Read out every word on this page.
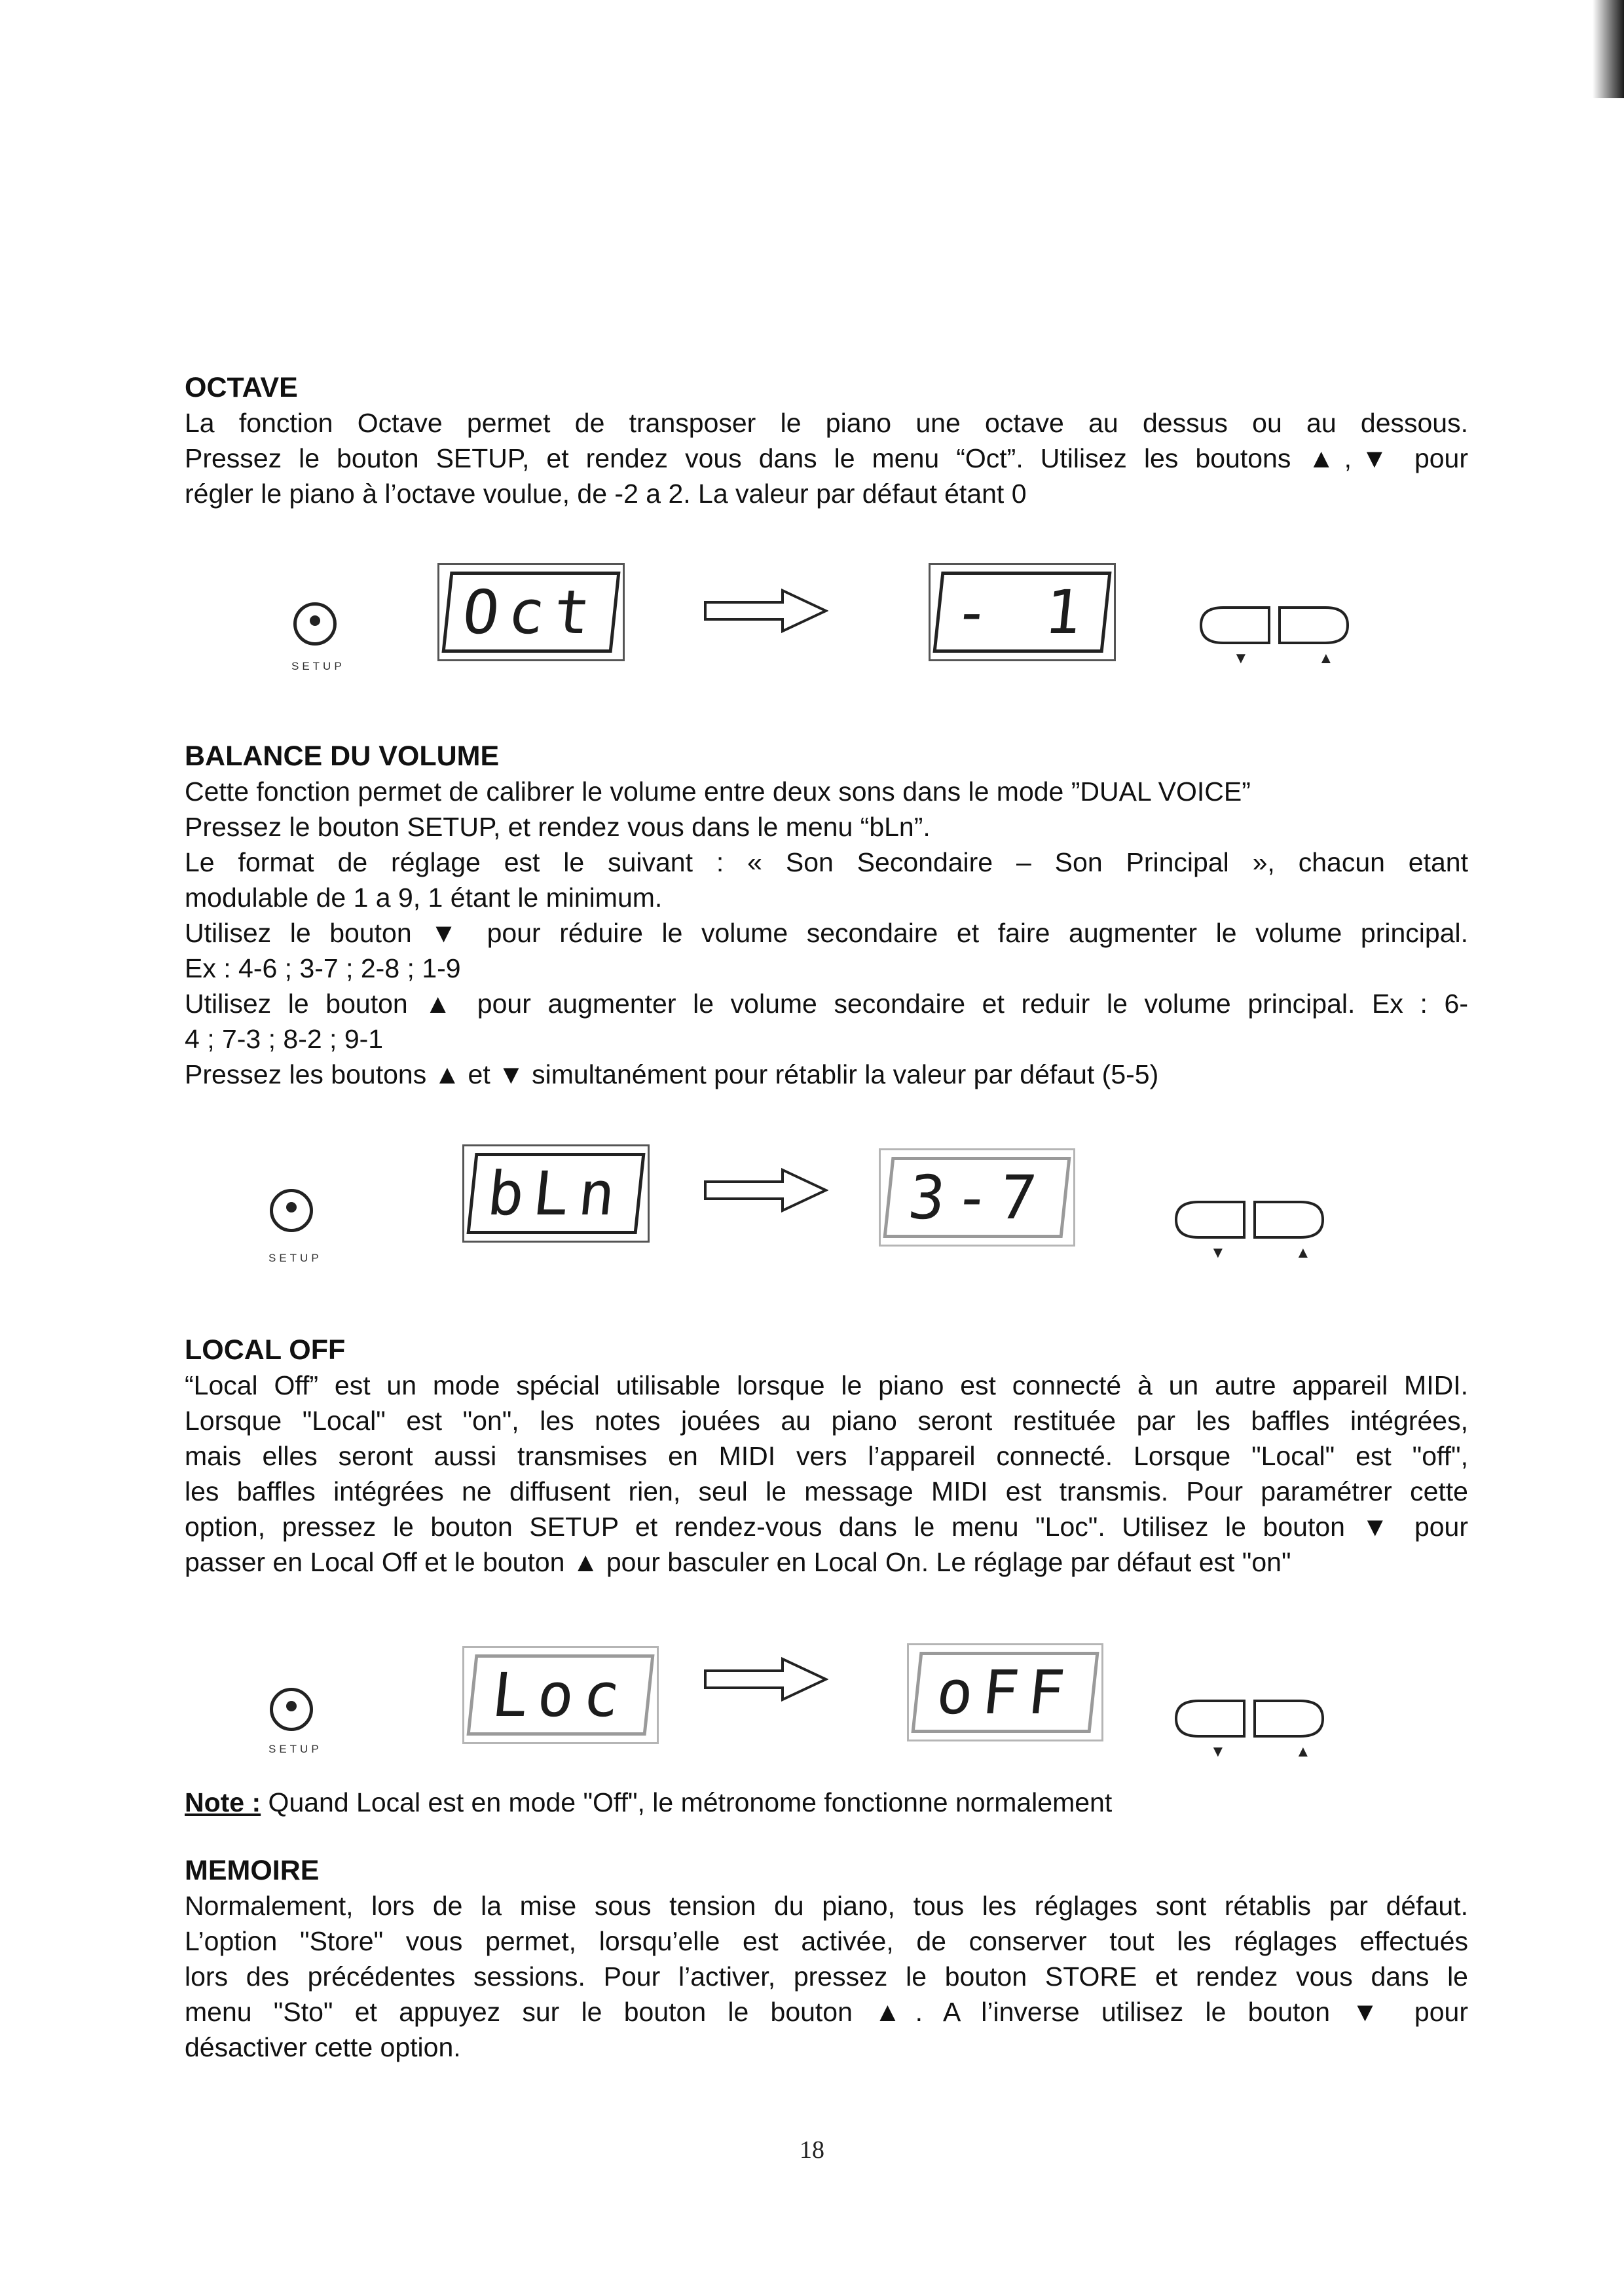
OCTAVE

La fonction Octave permet de transposer le piano une octave au dessus ou au dessous.
Pressez le bouton SETUP, et rendez vous dans le menu “Oct”. Utilisez les boutons ▲,▼ pour
régler le piano à l’octave voulue, de -2 a 2. La valeur par défaut étant 0

SETUP
Oct	- 1
▼	▲
BALANCE DU VOLUME

Cette fonction permet de calibrer le volume entre deux sons dans le mode ”DUAL VOICE”
Pressez le bouton SETUP, et rendez vous dans le menu “bLn”.
Le format de réglage est le suivant : « Son Secondaire – Son Principal », chacun etant
modulable de 1 a 9, 1 étant le minimum.
Utilisez le bouton ▼ pour réduire le volume secondaire et faire augmenter le volume principal.
Ex : 4-6 ; 3-7 ; 2-8 ; 1-9
Utilisez le bouton ▲ pour augmenter le volume secondaire et reduir le volume principal. Ex : 6-
4 ; 7-3 ; 8-2 ; 9-1
Pressez les boutons ▲ et ▼ simultanément pour rétablir la valeur par défaut (5-5)

SETUP
bLn	3-7
▼	▲
LOCAL OFF

“Local Off” est un mode spécial utilisable lorsque le piano est connecté à un autre appareil MIDI.
Lorsque "Local" est "on", les notes jouées au piano seront restituée par les baffles intégrées,
mais elles seront aussi transmises en MIDI vers l’appareil connecté. Lorsque "Local" est "off",
les baffles intégrées ne diffusent rien, seul le message MIDI est transmis. Pour paramétrer cette
option, pressez le bouton SETUP et rendez-vous dans le menu "Loc". Utilisez le bouton ▼ pour
passer en Local Off et le bouton ▲ pour basculer en Local On. Le réglage par défaut est "on"

SETUP
Loc	oFF
▼	▲

Note : Quand Local est en mode "Off", le métronome fonctionne normalement

MEMOIRE

Normalement, lors de la mise sous tension du piano, tous les réglages sont rétablis par défaut.
L’option "Store" vous permet, lorsqu’elle est activée, de conserver tout les réglages effectués
lors des précédentes sessions. Pour l’activer, pressez le bouton STORE et rendez vous dans le
menu "Sto" et appuyez sur le bouton le bouton ▲. A l’inverse utilisez le bouton ▼ pour
désactiver cette option.

18
